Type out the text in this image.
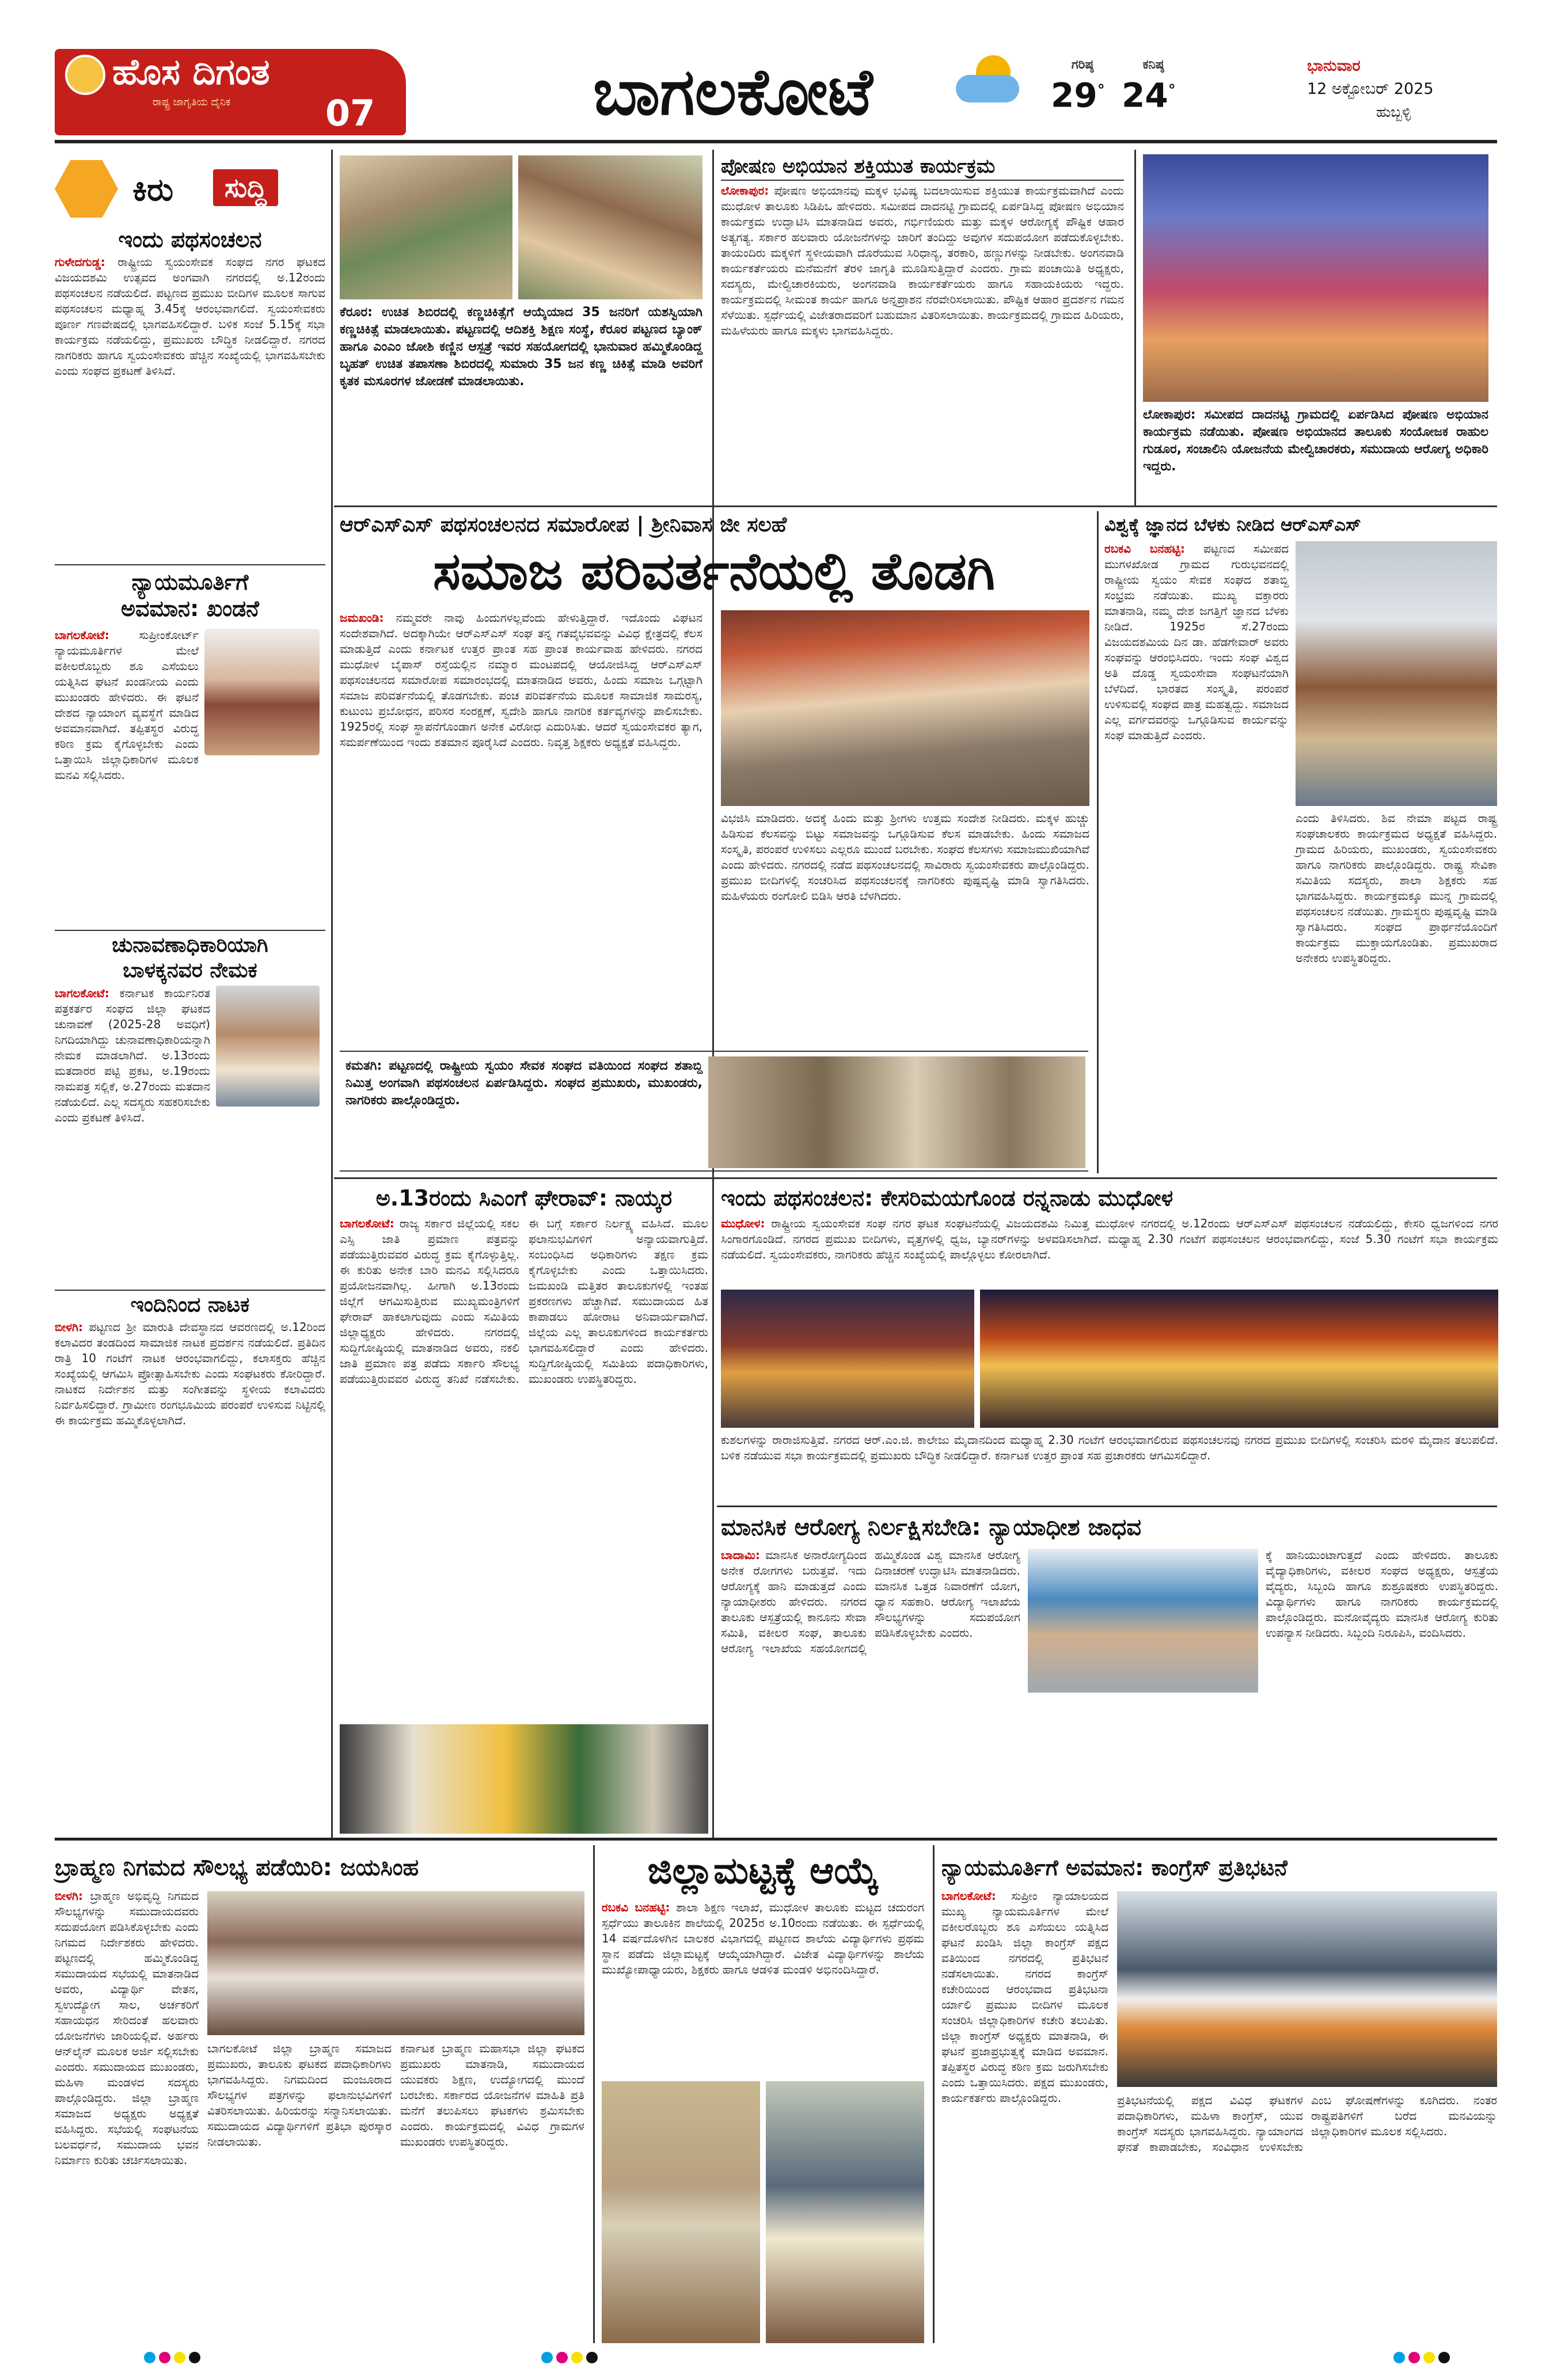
ಹೊಸ ದಿಗಂತ
ರಾಷ್ಟ್ರ ಜಾಗೃತಿಯ ದೈನಿಕ	07	ಬಾಗಲಕೋಟೆ	ಗರಿಷ್ಠ
29°
ಕನಿಷ್ಠ
24°
ಭಾನುವಾರ
12 ಅಕ್ಟೋಬರ್ 2025
ಹುಬ್ಬಳ್ಳಿ
ಕಿರು	ಸುದ್ದಿ
ಇಂದು ಪಥಸಂಚಲನ
ಗುಳೇದಗುಡ್ಡ: ರಾಷ್ಟ್ರೀಯ ಸ್ವಯಂಸೇವಕ ಸಂಘದ ನಗರ ಘಟಕದ ವಿಜಯದಶಮಿ ಉತ್ಸವದ ಅಂಗವಾಗಿ ನಗರದಲ್ಲಿ ಅ.12ರಂದು ಪಥಸಂಚಲನ ನಡೆಯಲಿದೆ. ಪಟ್ಟಣದ ಪ್ರಮುಖ ಬೀದಿಗಳ ಮೂಲಕ ಸಾಗುವ ಪಥಸಂಚಲನ ಮಧ್ಯಾಹ್ನ 3.45ಕ್ಕೆ ಆರಂಭವಾಗಲಿದೆ. ಸ್ವಯಂಸೇವಕರು ಪೂರ್ಣ ಗಣವೇಷದಲ್ಲಿ ಭಾಗವಹಿಸಲಿದ್ದಾರೆ. ಬಳಿಕ ಸಂಜೆ 5.15ಕ್ಕೆ ಸಭಾ ಕಾರ್ಯಕ್ರಮ ನಡೆಯಲಿದ್ದು, ಪ್ರಮುಖರು ಬೌದ್ಧಿಕ ನೀಡಲಿದ್ದಾರೆ. ನಗರದ ನಾಗರಿಕರು ಹಾಗೂ ಸ್ವಯಂಸೇವಕರು ಹೆಚ್ಚಿನ ಸಂಖ್ಯೆಯಲ್ಲಿ ಭಾಗವಹಿಸಬೇಕು ಎಂದು ಸಂಘದ ಪ್ರಕಟಣೆ ತಿಳಿಸಿದೆ.
ನ್ಯಾಯಮೂರ್ತಿಗೆ
ಅವಮಾನ: ಖಂಡನೆ
ಬಾಗಲಕೋಟೆ: ಸುಪ್ರೀಂಕೋರ್ಟ್ ನ್ಯಾಯಮೂರ್ತಿಗಳ ಮೇಲೆ ವಕೀಲರೊಬ್ಬರು ಶೂ ಎಸೆಯಲು ಯತ್ನಿಸಿದ ಘಟನೆ ಖಂಡನೀಯ ಎಂದು ಮುಖಂಡರು ಹೇಳಿದರು. ಈ ಘಟನೆ ದೇಶದ ನ್ಯಾಯಾಂಗ ವ್ಯವಸ್ಥೆಗೆ ಮಾಡಿದ ಅವಮಾನವಾಗಿದೆ. ತಪ್ಪಿತಸ್ಥರ ವಿರುದ್ಧ ಕಠಿಣ ಕ್ರಮ ಕೈಗೊಳ್ಳಬೇಕು ಎಂದು ಒತ್ತಾಯಿಸಿ ಜಿಲ್ಲಾಧಿಕಾರಿಗಳ ಮೂಲಕ ಮನವಿ ಸಲ್ಲಿಸಿದರು.
ಚುನಾವಣಾಧಿಕಾರಿಯಾಗಿ
ಬಾಳಕ್ಕನವರ ನೇಮಕ
ಬಾಗಲಕೋಟೆ: ಕರ್ನಾಟಕ ಕಾರ್ಯನಿರತ ಪತ್ರಕರ್ತರ ಸಂಘದ ಜಿಲ್ಲಾ ಘಟಕದ ಚುನಾವಣೆ (2025-28 ಅವಧಿಗೆ) ನಿಗದಿಯಾಗಿದ್ದು ಚುನಾವಣಾಧಿಕಾರಿಯನ್ನಾಗಿ ನೇಮಕ ಮಾಡಲಾಗಿದೆ. ಅ.13ರಂದು ಮತದಾರರ ಪಟ್ಟಿ ಪ್ರಕಟ, ಅ.19ರಂದು ನಾಮಪತ್ರ ಸಲ್ಲಿಕೆ, ಅ.27ರಂದು ಮತದಾನ ನಡೆಯಲಿದೆ. ಎಲ್ಲ ಸದಸ್ಯರು ಸಹಕರಿಸಬೇಕು ಎಂದು ಪ್ರಕಟಣೆ ತಿಳಿಸಿದೆ.
ಇಂದಿನಿಂದ ನಾಟಕ
ಬೀಳಗಿ: ಪಟ್ಟಣದ ಶ್ರೀ ಮಾರುತಿ ದೇವಸ್ಥಾನದ ಆವರಣದಲ್ಲಿ ಅ.12ರಿಂದ ಕಲಾವಿದರ ತಂಡದಿಂದ ಸಾಮಾಜಿಕ ನಾಟಕ ಪ್ರದರ್ಶನ ನಡೆಯಲಿದೆ. ಪ್ರತಿದಿನ ರಾತ್ರಿ 10 ಗಂಟೆಗೆ ನಾಟಕ ಆರಂಭವಾಗಲಿದ್ದು, ಕಲಾಸಕ್ತರು ಹೆಚ್ಚಿನ ಸಂಖ್ಯೆಯಲ್ಲಿ ಆಗಮಿಸಿ ಪ್ರೋತ್ಸಾಹಿಸಬೇಕು ಎಂದು ಸಂಘಟಕರು ಕೋರಿದ್ದಾರೆ. ನಾಟಕದ ನಿರ್ದೇಶನ ಮತ್ತು ಸಂಗೀತವನ್ನು ಸ್ಥಳೀಯ ಕಲಾವಿದರು ನಿರ್ವಹಿಸಲಿದ್ದಾರೆ. ಗ್ರಾಮೀಣ ರಂಗಭೂಮಿಯ ಪರಂಪರೆ ಉಳಿಸುವ ನಿಟ್ಟಿನಲ್ಲಿ ಈ ಕಾರ್ಯಕ್ರಮ ಹಮ್ಮಿಕೊಳ್ಳಲಾಗಿದೆ.
ಕೆರೂರ: ಉಚಿತ ಶಿಬಿರದಲ್ಲಿ ಕಣ್ಣಚಿಕಿತ್ಸೆಗೆ ಆಯ್ಕೆಯಾದ 35 ಜನರಿಗೆ ಯಶಸ್ವಿಯಾಗಿ ಕಣ್ಣಚಿಕಿತ್ಸೆ ಮಾಡಲಾಯಿತು. ಪಟ್ಟಣದಲ್ಲಿ ಆದಿಶಕ್ತಿ ಶಿಕ್ಷಣ ಸಂಸ್ಥೆ, ಕೆರೂರ ಪಟ್ಟಣದ ಬ್ಯಾಂಕ್ ಹಾಗೂ ಎಂಎಂ ಜೋಶಿ ಕಣ್ಣಿನ ಆಸ್ಪತ್ರೆ ಇವರ ಸಹಯೋಗದಲ್ಲಿ ಭಾನುವಾರ ಹಮ್ಮಿಕೊಂಡಿದ್ದ ಬೃಹತ್ ಉಚಿತ ತಪಾಸಣಾ ಶಿಬಿರದಲ್ಲಿ ಸುಮಾರು 35 ಜನ ಕಣ್ಣ ಚಿಕಿತ್ಸೆ ಮಾಡಿ ಅವರಿಗೆ ಕೃತಕ ಮಸೂರಗಳ ಜೋಡಣೆ ಮಾಡಲಾಯಿತು.
ಪೋಷಣ ಅಭಿಯಾನ ಶಕ್ತಿಯುತ ಕಾರ್ಯಕ್ರಮ
ಲೋಕಾಪುರ: ಪೋಷಣ ಅಭಿಯಾನವು ಮಕ್ಕಳ ಭವಿಷ್ಯ ಬದಲಾಯಿಸುವ ಶಕ್ತಿಯುತ ಕಾರ್ಯಕ್ರಮವಾಗಿದೆ ಎಂದು ಮುಧೋಳ ತಾಲೂಕು ಸಿಡಿಪಿಒ ಹೇಳಿದರು. ಸಮೀಪದ ದಾದನಟ್ಟಿ ಗ್ರಾಮದಲ್ಲಿ ಏರ್ಪಡಿಸಿದ್ದ ಪೋಷಣ ಅಭಿಯಾನ ಕಾರ್ಯಕ್ರಮ ಉದ್ಘಾಟಿಸಿ ಮಾತನಾಡಿದ ಅವರು, ಗರ್ಭಿಣಿಯರು ಮತ್ತು ಮಕ್ಕಳ ಆರೋಗ್ಯಕ್ಕೆ ಪೌಷ್ಟಿಕ ಆಹಾರ ಅತ್ಯಗತ್ಯ. ಸರ್ಕಾರ ಹಲವಾರು ಯೋಜನೆಗಳನ್ನು ಜಾರಿಗೆ ತಂದಿದ್ದು ಅವುಗಳ ಸದುಪಯೋಗ ಪಡೆದುಕೊಳ್ಳಬೇಕು. ತಾಯಂದಿರು ಮಕ್ಕಳಿಗೆ ಸ್ಥಳೀಯವಾಗಿ ದೊರೆಯುವ ಸಿರಿಧಾನ್ಯ, ತರಕಾರಿ, ಹಣ್ಣುಗಳನ್ನು ನೀಡಬೇಕು. ಅಂಗನವಾಡಿ ಕಾರ್ಯಕರ್ತೆಯರು ಮನೆಮನೆಗೆ ತೆರಳಿ ಜಾಗೃತಿ ಮೂಡಿಸುತ್ತಿದ್ದಾರೆ ಎಂದರು. ಗ್ರಾಮ ಪಂಚಾಯಿತಿ ಅಧ್ಯಕ್ಷರು, ಸದಸ್ಯರು, ಮೇಲ್ವಿಚಾರಕಿಯರು, ಅಂಗನವಾಡಿ ಕಾರ್ಯಕರ್ತೆಯರು ಹಾಗೂ ಸಹಾಯಕಿಯರು ಇದ್ದರು. ಕಾರ್ಯಕ್ರಮದಲ್ಲಿ ಸೀಮಂತ ಕಾರ್ಯ ಹಾಗೂ ಅನ್ನಪ್ರಾಶನ ನೆರವೇರಿಸಲಾಯಿತು. ಪೌಷ್ಟಿಕ ಆಹಾರ ಪ್ರದರ್ಶನ ಗಮನ ಸೆಳೆಯಿತು. ಸ್ಪರ್ಧೆಯಲ್ಲಿ ವಿಜೇತರಾದವರಿಗೆ ಬಹುಮಾನ ವಿತರಿಸಲಾಯಿತು. ಕಾರ್ಯಕ್ರಮದಲ್ಲಿ ಗ್ರಾಮದ ಹಿರಿಯರು, ಮಹಿಳೆಯರು ಹಾಗೂ ಮಕ್ಕಳು ಭಾಗವಹಿಸಿದ್ದರು.
ಲೋಕಾಪುರ: ಸಮೀಪದ ದಾದನಟ್ಟಿ ಗ್ರಾಮದಲ್ಲಿ ಏರ್ಪಡಿಸಿದ ಪೋಷಣ ಅಭಿಯಾನ ಕಾರ್ಯಕ್ರಮ ನಡೆಯಿತು. ಪೋಷಣ ಅಭಿಯಾನದ ತಾಲೂಕು ಸಂಯೋಜಕ ರಾಹುಲ ಗುಡೂರ, ಸಂಚಾಲಿನಿ ಯೋಜನೆಯ ಮೇಲ್ವಿಚಾರಕರು, ಸಮುದಾಯ ಆರೋಗ್ಯ ಅಧಿಕಾರಿ ಇದ್ದರು.
ಆರ್‌ಎಸ್‌ಎಸ್ ಪಥಸಂಚಲನದ ಸಮಾರೋಪ | ಶ್ರೀನಿವಾಸ ಜೀ ಸಲಹೆ
ಸಮಾಜ ಪರಿವರ್ತನೆಯಲ್ಲಿ ತೊಡಗಿ
ಜಮಖಂಡಿ: ನಮ್ಮವರೇ ನಾವು ಹಿಂದುಗಳಲ್ಲವೆಂದು ಹೇಳುತ್ತಿದ್ದಾರೆ. ಇದೊಂದು ವಿಘಟನ ಸಂದೇಶವಾಗಿದೆ. ಅದಕ್ಕಾಗಿಯೇ ಆರ್‌ಎಸ್‌ಎಸ್ ಸಂಘ ತನ್ನ ಗತವೈಭವವನ್ನು ವಿವಿಧ ಕ್ಷೇತ್ರದಲ್ಲಿ ಕೆಲಸ ಮಾಡುತ್ತಿದೆ ಎಂದು ಕರ್ನಾಟಕ ಉತ್ತರ ಪ್ರಾಂತ ಸಹ ಪ್ರಾಂತ ಕಾರ್ಯವಾಹ ಹೇಳಿದರು. ನಗರದ ಮುಧೋಳ ಬೈಪಾಸ್ ರಸ್ತೆಯಲ್ಲಿನ ನಮ್ಮಾರ ಮಂಟಪದಲ್ಲಿ ಆಯೋಜಿಸಿದ್ದ ಆರ್‌ಎಸ್‌ಎಸ್ ಪಥಸಂಚಲನದ ಸಮಾರೋಪ ಸಮಾರಂಭದಲ್ಲಿ ಮಾತನಾಡಿದ ಅವರು, ಹಿಂದು ಸಮಾಜ ಒಗ್ಗಟ್ಟಾಗಿ ಸಮಾಜ ಪರಿವರ್ತನೆಯಲ್ಲಿ ತೊಡಗಬೇಕು. ಪಂಚ ಪರಿವರ್ತನೆಯ ಮೂಲಕ ಸಾಮಾಜಿಕ ಸಾಮರಸ್ಯ, ಕುಟುಂಬ ಪ್ರಬೋಧನ, ಪರಿಸರ ಸಂರಕ್ಷಣೆ, ಸ್ವದೇಶಿ ಹಾಗೂ ನಾಗರಿಕ ಕರ್ತವ್ಯಗಳನ್ನು ಪಾಲಿಸಬೇಕು. 1925ರಲ್ಲಿ ಸಂಘ ಸ್ಥಾಪನೆಗೊಂಡಾಗ ಅನೇಕ ವಿರೋಧ ಎದುರಿಸಿತು. ಆದರೆ ಸ್ವಯಂಸೇವಕರ ತ್ಯಾಗ, ಸಮರ್ಪಣೆಯಿಂದ ಇಂದು ಶತಮಾನ ಪೂರೈಸಿದೆ ಎಂದರು. ನಿವೃತ್ತ ಶಿಕ್ಷಕರು ಅಧ್ಯಕ್ಷತೆ ವಹಿಸಿದ್ದರು.
ವಿಭಜಿಸಿ ಮಾಡಿದರು. ಅದಕ್ಕೆ ಹಿಂದು ಮತ್ತು ಶ್ರೀಗಳು ಉತ್ತಮ ಸಂದೇಶ ನೀಡಿದರು. ಮಕ್ಕಳ ಹುಚ್ಚು ಹಿಡಿಸುವ ಕೆಲಸವನ್ನು ಬಿಟ್ಟು ಸಮಾಜವನ್ನು ಒಗ್ಗೂಡಿಸುವ ಕೆಲಸ ಮಾಡಬೇಕು. ಹಿಂದು ಸಮಾಜದ ಸಂಸ್ಕೃತಿ, ಪರಂಪರೆ ಉಳಿಸಲು ಎಲ್ಲರೂ ಮುಂದೆ ಬರಬೇಕು. ಸಂಘದ ಕೆಲಸಗಳು ಸಮಾಜಮುಖಿಯಾಗಿವೆ ಎಂದು ಹೇಳಿದರು. ನಗರದಲ್ಲಿ ನಡೆದ ಪಥಸಂಚಲನದಲ್ಲಿ ಸಾವಿರಾರು ಸ್ವಯಂಸೇವಕರು ಪಾಲ್ಗೊಂಡಿದ್ದರು. ಪ್ರಮುಖ ಬೀದಿಗಳಲ್ಲಿ ಸಂಚರಿಸಿದ ಪಥಸಂಚಲನಕ್ಕೆ ನಾಗರಿಕರು ಪುಷ್ಪವೃಷ್ಟಿ ಮಾಡಿ ಸ್ವಾಗತಿಸಿದರು. ಮಹಿಳೆಯರು ರಂಗೋಲಿ ಬಿಡಿಸಿ ಆರತಿ ಬೆಳಗಿದರು.
ಕಮತಗಿ: ಪಟ್ಟಣದಲ್ಲಿ ರಾಷ್ಟ್ರೀಯ ಸ್ವಯಂ ಸೇವಕ ಸಂಘದ ವತಿಯಿಂದ ಸಂಘದ ಶತಾಬ್ದಿ ನಿಮಿತ್ತ ಅಂಗವಾಗಿ ಪಥಸಂಚಲನ ಏರ್ಪಡಿಸಿದ್ದರು. ಸಂಘದ ಪ್ರಮುಖರು, ಮುಖಂಡರು, ನಾಗರಿಕರು ಪಾಲ್ಗೊಂಡಿದ್ದರು.
ವಿಶ್ವಕ್ಕೆ ಜ್ಞಾನದ ಬೆಳಕು ನೀಡಿದ ಆರ್‌ಎಸ್‌ಎಸ್
ರಬಕವಿ ಬನಹಟ್ಟಿ: ಪಟ್ಟಣದ ಸಮೀಪದ ಮುಗಳಖೋಡ ಗ್ರಾಮದ ಗುರುಭವನದಲ್ಲಿ ರಾಷ್ಟ್ರೀಯ ಸ್ವಯಂ ಸೇವಕ ಸಂಘದ ಶತಾಬ್ದಿ ಸಂಭ್ರಮ ನಡೆಯಿತು. ಮುಖ್ಯ ವಕ್ತಾರರು ಮಾತನಾಡಿ, ನಮ್ಮ ದೇಶ ಜಗತ್ತಿಗೆ ಜ್ಞಾನದ ಬೆಳಕು ನೀಡಿದೆ. 1925ರ ಸೆ.27ರಂದು ವಿಜಯದಶಮಿಯ ದಿನ ಡಾ. ಹೆಡಗೇವಾರ್ ಅವರು ಸಂಘವನ್ನು ಆರಂಭಿಸಿದರು. ಇಂದು ಸಂಘ ವಿಶ್ವದ ಅತಿ ದೊಡ್ಡ ಸ್ವಯಂಸೇವಾ ಸಂಘಟನೆಯಾಗಿ ಬೆಳೆದಿದೆ. ಭಾರತದ ಸಂಸ್ಕೃತಿ, ಪರಂಪರೆ ಉಳಿಸುವಲ್ಲಿ ಸಂಘದ ಪಾತ್ರ ಮಹತ್ವದ್ದು. ಸಮಾಜದ ಎಲ್ಲ ವರ್ಗದವರನ್ನು ಒಗ್ಗೂಡಿಸುವ ಕಾರ್ಯವನ್ನು ಸಂಘ ಮಾಡುತ್ತಿದೆ ಎಂದರು.
ಎಂದು ತಿಳಿಸಿದರು. ಶಿವ ನೇಮಾ ಪಟ್ಟದ ರಾಷ್ಟ್ರ ಸಂಘಚಾಲಕರು ಕಾರ್ಯಕ್ರಮದ ಅಧ್ಯಕ್ಷತೆ ವಹಿಸಿದ್ದರು. ಗ್ರಾಮದ ಹಿರಿಯರು, ಮುಖಂಡರು, ಸ್ವಯಂಸೇವಕರು ಹಾಗೂ ನಾಗರಿಕರು ಪಾಲ್ಗೊಂಡಿದ್ದರು. ರಾಷ್ಟ್ರ ಸೇವಿಕಾ ಸಮಿತಿಯ ಸದಸ್ಯರು, ಶಾಲಾ ಶಿಕ್ಷಕರು ಸಹ ಭಾಗವಹಿಸಿದ್ದರು. ಕಾರ್ಯಕ್ರಮಕ್ಕೂ ಮುನ್ನ ಗ್ರಾಮದಲ್ಲಿ ಪಥಸಂಚಲನ ನಡೆಯಿತು. ಗ್ರಾಮಸ್ಥರು ಪುಷ್ಪವೃಷ್ಟಿ ಮಾಡಿ ಸ್ವಾಗತಿಸಿದರು. ಸಂಘದ ಪ್ರಾರ್ಥನೆಯೊಂದಿಗೆ ಕಾರ್ಯಕ್ರಮ ಮುಕ್ತಾಯಗೊಂಡಿತು. ಪ್ರಮುಖರಾದ ಅನೇಕರು ಉಪಸ್ಥಿತರಿದ್ದರು.
ಅ.13ರಂದು ಸಿಎಂಗೆ ಘೇರಾವ್: ನಾಯ್ಕರ
ಬಾಗಲಕೋಟೆ: ರಾಜ್ಯ ಸರ್ಕಾರ ಜಿಲ್ಲೆಯಲ್ಲಿ ಸಕಲ ಎಸ್ಸಿ ಜಾತಿ ಪ್ರಮಾಣ ಪತ್ರವನ್ನು ಪಡೆಯುತ್ತಿರುವವರ ವಿರುದ್ಧ ಕ್ರಮ ಕೈಗೊಳ್ಳುತ್ತಿಲ್ಲ. ಈ ಕುರಿತು ಅನೇಕ ಬಾರಿ ಮನವಿ ಸಲ್ಲಿಸಿದರೂ ಪ್ರಯೋಜನವಾಗಿಲ್ಲ. ಹೀಗಾಗಿ ಅ.13ರಂದು ಜಿಲ್ಲೆಗೆ ಆಗಮಿಸುತ್ತಿರುವ ಮುಖ್ಯಮಂತ್ರಿಗಳಿಗೆ ಘೇರಾವ್ ಹಾಕಲಾಗುವುದು ಎಂದು ಸಮಿತಿಯ ಜಿಲ್ಲಾಧ್ಯಕ್ಷರು ಹೇಳಿದರು. ನಗರದಲ್ಲಿ ಸುದ್ದಿಗೋಷ್ಠಿಯಲ್ಲಿ ಮಾತನಾಡಿದ ಅವರು, ನಕಲಿ ಜಾತಿ ಪ್ರಮಾಣ ಪತ್ರ ಪಡೆದು ಸರ್ಕಾರಿ ಸೌಲಭ್ಯ ಪಡೆಯುತ್ತಿರುವವರ ವಿರುದ್ಧ ತನಿಖೆ ನಡೆಸಬೇಕು. ಈ ಬಗ್ಗೆ ಸರ್ಕಾರ ನಿರ್ಲಕ್ಷ್ಯ ವಹಿಸಿದೆ. ಮೂಲ ಫಲಾನುಭವಿಗಳಿಗೆ ಅನ್ಯಾಯವಾಗುತ್ತಿದೆ. ಸಂಬಂಧಿಸಿದ ಅಧಿಕಾರಿಗಳು ತಕ್ಷಣ ಕ್ರಮ ಕೈಗೊಳ್ಳಬೇಕು ಎಂದು ಒತ್ತಾಯಿಸಿದರು. ಜಮಖಂಡಿ ಮತ್ತಿತರ ತಾಲೂಕುಗಳಲ್ಲಿ ಇಂತಹ ಪ್ರಕರಣಗಳು ಹೆಚ್ಚಾಗಿವೆ. ಸಮುದಾಯದ ಹಿತ ಕಾಪಾಡಲು ಹೋರಾಟ ಅನಿವಾರ್ಯವಾಗಿದೆ. ಜಿಲ್ಲೆಯ ಎಲ್ಲ ತಾಲೂಕುಗಳಿಂದ ಕಾರ್ಯಕರ್ತರು ಭಾಗವಹಿಸಲಿದ್ದಾರೆ ಎಂದು ಹೇಳಿದರು. ಸುದ್ದಿಗೋಷ್ಠಿಯಲ್ಲಿ ಸಮಿತಿಯ ಪದಾಧಿಕಾರಿಗಳು, ಮುಖಂಡರು ಉಪಸ್ಥಿತರಿದ್ದರು.
ಇಂದು ಪಥಸಂಚಲನ: ಕೇಸರಿಮಯಗೊಂಡ ರನ್ನನಾಡು ಮುಧೋಳ
ಮುಧೋಳ: ರಾಷ್ಟ್ರೀಯ ಸ್ವಯಂಸೇವಕ ಸಂಘ ನಗರ ಘಟಕ ಸಂಘಟನೆಯಲ್ಲಿ ವಿಜಯದಶಮಿ ನಿಮಿತ್ತ ಮುಧೋಳ ನಗರದಲ್ಲಿ ಅ.12ರಂದು ಆರ್‌ಎಸ್‌ಎಸ್ ಪಥಸಂಚಲನ ನಡೆಯಲಿದ್ದು, ಕೇಸರಿ ಧ್ವಜಗಳಿಂದ ನಗರ ಸಿಂಗಾರಗೊಂಡಿದೆ. ನಗರದ ಪ್ರಮುಖ ಬೀದಿಗಳು, ವೃತ್ತಗಳಲ್ಲಿ ಧ್ವಜ, ಬ್ಯಾನರ್‌ಗಳನ್ನು ಅಳವಡಿಸಲಾಗಿದೆ. ಮಧ್ಯಾಹ್ನ 2.30 ಗಂಟೆಗೆ ಪಥಸಂಚಲನ ಆರಂಭವಾಗಲಿದ್ದು, ಸಂಜೆ 5.30 ಗಂಟೆಗೆ ಸಭಾ ಕಾರ್ಯಕ್ರಮ ನಡೆಯಲಿದೆ. ಸ್ವಯಂಸೇವಕರು, ನಾಗರಿಕರು ಹೆಚ್ಚಿನ ಸಂಖ್ಯೆಯಲ್ಲಿ ಪಾಲ್ಗೊಳ್ಳಲು ಕೋರಲಾಗಿದೆ.
ಕುಶಲಗಳನ್ನು ರಾರಾಜಿಸುತ್ತಿವೆ. ನಗರದ ಆರ್.ಎಂ.ಜಿ. ಕಾಲೇಜು ಮೈದಾನದಿಂದ ಮಧ್ಯಾಹ್ನ 2.30 ಗಂಟೆಗೆ ಆರಂಭವಾಗಲಿರುವ ಪಥಸಂಚಲನವು ನಗರದ ಪ್ರಮುಖ ಬೀದಿಗಳಲ್ಲಿ ಸಂಚರಿಸಿ ಮರಳಿ ಮೈದಾನ ತಲುಪಲಿದೆ. ಬಳಿಕ ನಡೆಯುವ ಸಭಾ ಕಾರ್ಯಕ್ರಮದಲ್ಲಿ ಪ್ರಮುಖರು ಬೌದ್ಧಿಕ ನೀಡಲಿದ್ದಾರೆ. ಕರ್ನಾಟಕ ಉತ್ತರ ಪ್ರಾಂತ ಸಹ ಪ್ರಚಾರಕರು ಆಗಮಿಸಲಿದ್ದಾರೆ.
ಮಾನಸಿಕ ಆರೋಗ್ಯ ನಿರ್ಲಕ್ಷಿಸಬೇಡಿ: ನ್ಯಾಯಾಧೀಶ ಜಾಧವ
ಬಾದಾಮಿ: ಮಾನಸಿಕ ಅನಾರೋಗ್ಯದಿಂದ ಅನೇಕ ರೋಗಗಳು ಬರುತ್ತವೆ. ಇದು ಆರೋಗ್ಯಕ್ಕೆ ಹಾನಿ ಮಾಡುತ್ತದೆ ಎಂದು ನ್ಯಾಯಾಧೀಶರು ಹೇಳಿದರು. ನಗರದ ತಾಲೂಕು ಆಸ್ಪತ್ರೆಯಲ್ಲಿ ಕಾನೂನು ಸೇವಾ ಸಮಿತಿ, ವಕೀಲರ ಸಂಘ, ತಾಲೂಕು ಆರೋಗ್ಯ ಇಲಾಖೆಯ ಸಹಯೋಗದಲ್ಲಿ ಹಮ್ಮಿಕೊಂಡ ವಿಶ್ವ ಮಾನಸಿಕ ಆರೋಗ್ಯ ದಿನಾಚರಣೆ ಉದ್ಘಾಟಿಸಿ ಮಾತನಾಡಿದರು. ಮಾನಸಿಕ ಒತ್ತಡ ನಿವಾರಣೆಗೆ ಯೋಗ, ಧ್ಯಾನ ಸಹಕಾರಿ. ಆರೋಗ್ಯ ಇಲಾಖೆಯ ಸೌಲಭ್ಯಗಳನ್ನು ಸದುಪಯೋಗ ಪಡಿಸಿಕೊಳ್ಳಬೇಕು ಎಂದರು.
ಕ್ಕೆ ಹಾನಿಯುಂಟಾಗುತ್ತದೆ ಎಂದು ಹೇಳಿದರು. ತಾಲೂಕು ವೈದ್ಯಾಧಿಕಾರಿಗಳು, ವಕೀಲರ ಸಂಘದ ಅಧ್ಯಕ್ಷರು, ಆಸ್ಪತ್ರೆಯ ವೈದ್ಯರು, ಸಿಬ್ಬಂದಿ ಹಾಗೂ ಶುಶ್ರೂಷಕರು ಉಪಸ್ಥಿತರಿದ್ದರು. ವಿದ್ಯಾರ್ಥಿಗಳು ಹಾಗೂ ನಾಗರಿಕರು ಕಾರ್ಯಕ್ರಮದಲ್ಲಿ ಪಾಲ್ಗೊಂಡಿದ್ದರು. ಮನೋವೈದ್ಯರು ಮಾನಸಿಕ ಆರೋಗ್ಯ ಕುರಿತು ಉಪನ್ಯಾಸ ನೀಡಿದರು. ಸಿಬ್ಬಂದಿ ನಿರೂಪಿಸಿ, ವಂದಿಸಿದರು.
ಬ್ರಾಹ್ಮಣ ನಿಗಮದ ಸೌಲಭ್ಯ ಪಡೆಯಿರಿ: ಜಯಸಿಂಹ
ಬೀಳಗಿ: ಬ್ರಾಹ್ಮಣ ಅಭಿವೃದ್ಧಿ ನಿಗಮದ ಸೌಲಭ್ಯಗಳನ್ನು ಸಮುದಾಯದವರು ಸದುಪಯೋಗ ಪಡಿಸಿಕೊಳ್ಳಬೇಕು ಎಂದು ನಿಗಮದ ನಿರ್ದೇಶಕರು ಹೇಳಿದರು. ಪಟ್ಟಣದಲ್ಲಿ ಹಮ್ಮಿಕೊಂಡಿದ್ದ ಸಮುದಾಯದ ಸಭೆಯಲ್ಲಿ ಮಾತನಾಡಿದ ಅವರು, ವಿದ್ಯಾರ್ಥಿ ವೇತನ, ಸ್ವಉದ್ಯೋಗ ಸಾಲ, ಅರ್ಚಕರಿಗೆ ಸಹಾಯಧನ ಸೇರಿದಂತೆ ಹಲವಾರು ಯೋಜನೆಗಳು ಜಾರಿಯಲ್ಲಿವೆ. ಅರ್ಹರು ಆನ್‌ಲೈನ್ ಮೂಲಕ ಅರ್ಜಿ ಸಲ್ಲಿಸಬೇಕು ಎಂದರು. ಸಮುದಾಯದ ಮುಖಂಡರು, ಮಹಿಳಾ ಮಂಡಳದ ಸದಸ್ಯರು ಪಾಲ್ಗೊಂಡಿದ್ದರು. ಜಿಲ್ಲಾ ಬ್ರಾಹ್ಮಣ ಸಮಾಜದ ಅಧ್ಯಕ್ಷರು ಅಧ್ಯಕ್ಷತೆ ವಹಿಸಿದ್ದರು. ಸಭೆಯಲ್ಲಿ ಸಂಘಟನೆಯ ಬಲವರ್ಧನೆ, ಸಮುದಾಯ ಭವನ ನಿರ್ಮಾಣ ಕುರಿತು ಚರ್ಚಿಸಲಾಯಿತು.
ಬಾಗಲಕೋಟೆ ಜಿಲ್ಲಾ ಬ್ರಾಹ್ಮಣ ಸಮಾಜದ ಪ್ರಮುಖರು, ತಾಲೂಕು ಘಟಕದ ಪದಾಧಿಕಾರಿಗಳು ಭಾಗವಹಿಸಿದ್ದರು. ನಿಗಮದಿಂದ ಮಂಜೂರಾದ ಸೌಲಭ್ಯಗಳ ಪತ್ರಗಳನ್ನು ಫಲಾನುಭವಿಗಳಿಗೆ ವಿತರಿಸಲಾಯಿತು. ಹಿರಿಯರನ್ನು ಸನ್ಮಾನಿಸಲಾಯಿತು. ಸಮುದಾಯದ ವಿದ್ಯಾರ್ಥಿಗಳಿಗೆ ಪ್ರತಿಭಾ ಪುರಸ್ಕಾರ ನೀಡಲಾಯಿತು.
ಕರ್ನಾಟಕ ಬ್ರಾಹ್ಮಣ ಮಹಾಸಭಾ ಜಿಲ್ಲಾ ಘಟಕದ ಪ್ರಮುಖರು ಮಾತನಾಡಿ, ಸಮುದಾಯದ ಯುವಕರು ಶಿಕ್ಷಣ, ಉದ್ಯೋಗದಲ್ಲಿ ಮುಂದೆ ಬರಬೇಕು. ಸರ್ಕಾರದ ಯೋಜನೆಗಳ ಮಾಹಿತಿ ಪ್ರತಿ ಮನೆಗೆ ತಲುಪಿಸಲು ಘಟಕಗಳು ಶ್ರಮಿಸಬೇಕು ಎಂದರು. ಕಾರ್ಯಕ್ರಮದಲ್ಲಿ ವಿವಿಧ ಗ್ರಾಮಗಳ ಮುಖಂಡರು ಉಪಸ್ಥಿತರಿದ್ದರು.
ಜಿಲ್ಲಾಮಟ್ಟಕ್ಕೆ ಆಯ್ಕೆ
ರಬಕವಿ ಬನಹಟ್ಟಿ: ಶಾಲಾ ಶಿಕ್ಷಣ ಇಲಾಖೆ, ಮುಧೋಳ ತಾಲೂಕು ಮಟ್ಟದ ಚದುರಂಗ ಸ್ಪರ್ಧೆಯು ತಾಲೂಕಿನ ಶಾಲೆಯಲ್ಲಿ 2025ರ ಅ.10ರಂದು ನಡೆಯಿತು. ಈ ಸ್ಪರ್ಧೆಯಲ್ಲಿ 14 ವರ್ಷದೊಳಗಿನ ಬಾಲಕರ ವಿಭಾಗದಲ್ಲಿ ಪಟ್ಟಣದ ಶಾಲೆಯ ವಿದ್ಯಾರ್ಥಿಗಳು ಪ್ರಥಮ ಸ್ಥಾನ ಪಡೆದು ಜಿಲ್ಲಾಮಟ್ಟಕ್ಕೆ ಆಯ್ಕೆಯಾಗಿದ್ದಾರೆ. ವಿಜೇತ ವಿದ್ಯಾರ್ಥಿಗಳನ್ನು ಶಾಲೆಯ ಮುಖ್ಯೋಪಾಧ್ಯಾಯರು, ಶಿಕ್ಷಕರು ಹಾಗೂ ಆಡಳಿತ ಮಂಡಳಿ ಅಭಿನಂದಿಸಿದ್ದಾರೆ.
ನ್ಯಾಯಮೂರ್ತಿಗೆ ಅವಮಾನ: ಕಾಂಗ್ರೆಸ್ ಪ್ರತಿಭಟನೆ
ಬಾಗಲಕೋಟೆ: ಸುಪ್ರೀಂ ನ್ಯಾಯಾಲಯದ ಮುಖ್ಯ ನ್ಯಾಯಮೂರ್ತಿಗಳ ಮೇಲೆ ವಕೀಲರೊಬ್ಬರು ಶೂ ಎಸೆಯಲು ಯತ್ನಿಸಿದ ಘಟನೆ ಖಂಡಿಸಿ ಜಿಲ್ಲಾ ಕಾಂಗ್ರೆಸ್ ಪಕ್ಷದ ವತಿಯಿಂದ ನಗರದಲ್ಲಿ ಪ್ರತಿಭಟನೆ ನಡೆಸಲಾಯಿತು. ನಗರದ ಕಾಂಗ್ರೆಸ್ ಕಚೇರಿಯಿಂದ ಆರಂಭವಾದ ಪ್ರತಿಭಟನಾ ರ್ಯಾಲಿ ಪ್ರಮುಖ ಬೀದಿಗಳ ಮೂಲಕ ಸಂಚರಿಸಿ ಜಿಲ್ಲಾಧಿಕಾರಿಗಳ ಕಚೇರಿ ತಲುಪಿತು. ಜಿಲ್ಲಾ ಕಾಂಗ್ರೆಸ್ ಅಧ್ಯಕ್ಷರು ಮಾತನಾಡಿ, ಈ ಘಟನೆ ಪ್ರಜಾಪ್ರಭುತ್ವಕ್ಕೆ ಮಾಡಿದ ಅವಮಾನ. ತಪ್ಪಿತಸ್ಥರ ವಿರುದ್ಧ ಕಠಿಣ ಕ್ರಮ ಜರುಗಿಸಬೇಕು ಎಂದು ಒತ್ತಾಯಿಸಿದರು. ಪಕ್ಷದ ಮುಖಂಡರು, ಕಾರ್ಯಕರ್ತರು ಪಾಲ್ಗೊಂಡಿದ್ದರು.	ಪ್ರತಿಭಟನೆಯಲ್ಲಿ ಪಕ್ಷದ ವಿವಿಧ ಘಟಕಗಳ ಪದಾಧಿಕಾರಿಗಳು, ಮಹಿಳಾ ಕಾಂಗ್ರೆಸ್, ಯುವ ಕಾಂಗ್ರೆಸ್ ಸದಸ್ಯರು ಭಾಗವಹಿಸಿದ್ದರು. ನ್ಯಾಯಾಂಗದ ಘನತೆ ಕಾಪಾಡಬೇಕು, ಸಂವಿಧಾನ ಉಳಿಸಬೇಕು ಎಂಬ ಘೋಷಣೆಗಳನ್ನು ಕೂಗಿದರು. ನಂತರ ರಾಷ್ಟ್ರಪತಿಗಳಿಗೆ ಬರೆದ ಮನವಿಯನ್ನು ಜಿಲ್ಲಾಧಿಕಾರಿಗಳ ಮೂಲಕ ಸಲ್ಲಿಸಿದರು.
